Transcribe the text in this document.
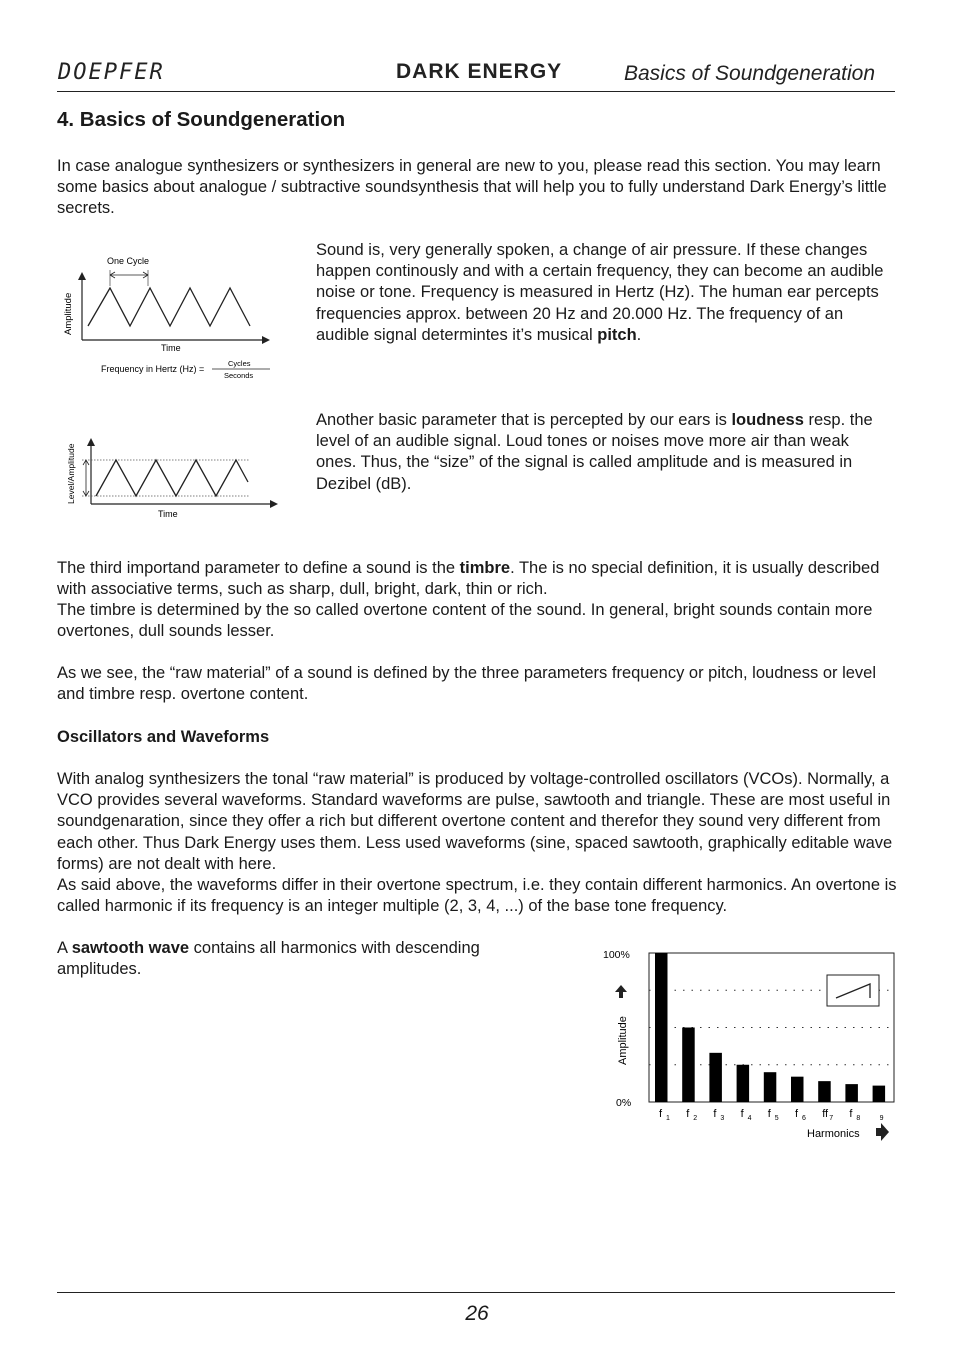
DOEPFER	DARK ENERGY	Basics of Soundgeneration
4. Basics of Soundgeneration

In case analogue synthesizers or synthesizers in general are new to you, please read this section. You may learn some basics about analogue / subtractive soundsynthesis that will help you to fully understand Dark Energy’s little secrets.

One Cycle
Amplitude
Time
Frequency in Hertz (Hz) =
Cycles
Seconds

Sound is, very generally spoken, a change of air pressure. If these changes happen continously and with a certain frequency, they can become an audible noise or tone. Frequency is measured in Hertz (Hz). The human ear percepts frequencies approx. between 20 Hz and 20.000 Hz. The frequency of an audible signal determintes it’s musical pitch.

Level/Amplitude
Time

Another basic parameter that is percepted by our ears is loudness resp. the level of an audible signal. Loud tones or noises move more air than weak ones. Thus, the “size” of the signal is called amplitude and is measured in Dezibel (dB).

The third importand parameter to define a sound is the timbre. The is no special definition, it is usually described with associative terms, such as sharp, dull, bright, dark, thin or rich.

The timbre is determined by the so called overtone content of the sound. In general, bright sounds contain more overtones, dull sounds lesser.

As we see, the “raw material” of a sound is defined by the three parameters frequency or pitch, loudness or level and timbre resp. overtone content.

Oscillators and Waveforms

With analog synthesizers the tonal “raw material” is produced by voltage-controlled oscillators (VCOs). Normally, a VCO provides several waveforms. Standard waveforms are pulse, sawtooth and triangle. These are most useful in soundgenaration, since they offer a rich but different overtone content and therefor they sound very different from each other. Thus Dark Energy uses them. Less used waveforms (sine, spaced sawtooth, graphically editable wave forms) are not dealt with here.

As said above, the waveforms differ in their overtone spectrum, i.e. they contain different harmonics. An overtone is called harmonic if its frequency is an integer multiple (2, 3, 4, ...) of the base tone frequency.

A sawtooth wave contains all harmonics with descending amplitudes.

100%
0%
f 1 f 2 f 3 f 4 f 5 f 6 ff 7 f 8	9
Amplitude
Harmonics
26
